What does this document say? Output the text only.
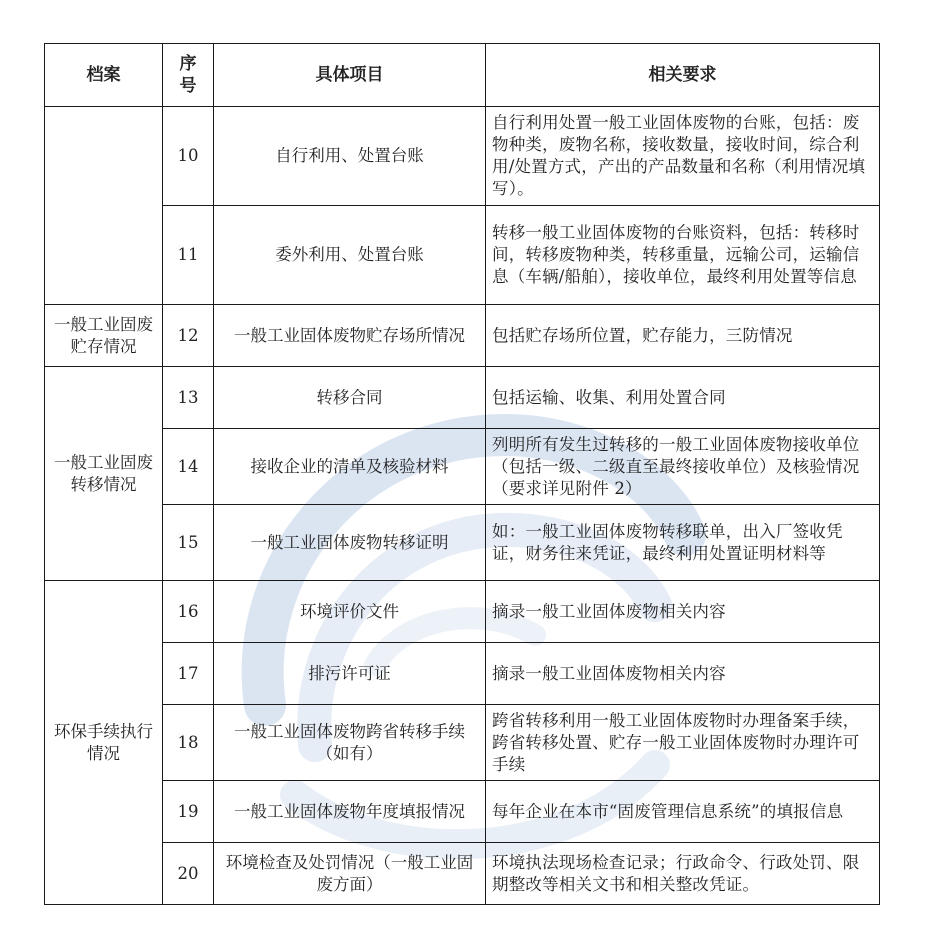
档案	序号	具体项目	相关要求
	10	自行利用、处置台账	自行利用处置一般工业固体废物的台账，包括：废物种类，废物名称，接收数量，接收时间，综合利用/处置方式，产出的产品数量和名称（利用情况填写）。
	11	委外利用、处置台账	转移一般工业固体废物的台账资料，包括：转移时间，转移废物种类，转移重量，远输公司，运输信息（车辆/船舶），接收单位，最终利用处置等信息
一般工业固废贮存情况	12	一般工业固体废物贮存场所情况	包括贮存场所位置，贮存能力，三防情况
一般工业固废转移情况	13	转移合同	包括运输、收集、利用处置合同
	14	接收企业的清单及核验材料	列明所有发生过转移的一般工业固体废物接收单位（包括一级、二级直至最终接收单位）及核验情况（要求详见附件 2）
	15	一般工业固体废物转移证明	如：一般工业固体废物转移联单，出入厂签收凭证，财务往来凭证，最终利用处置证明材料等
环保手续执行情况	16	环境评价文件	摘录一般工业固体废物相关内容
	17	排污许可证	摘录一般工业固体废物相关内容
	18	一般工业固体废物跨省转移手续（如有）	跨省转移利用一般工业固体废物时办理备案手续，跨省转移处置、贮存一般工业固体废物时办理许可手续
	19	一般工业固体废物年度填报情况	每年企业在本市“固废管理信息系统”的填报信息
	20	环境检查及处罚情况（一般工业固废方面）	环境执法现场检查记录；行政命令、行政处罚、限期整改等相关文书和相关整改凭证。
